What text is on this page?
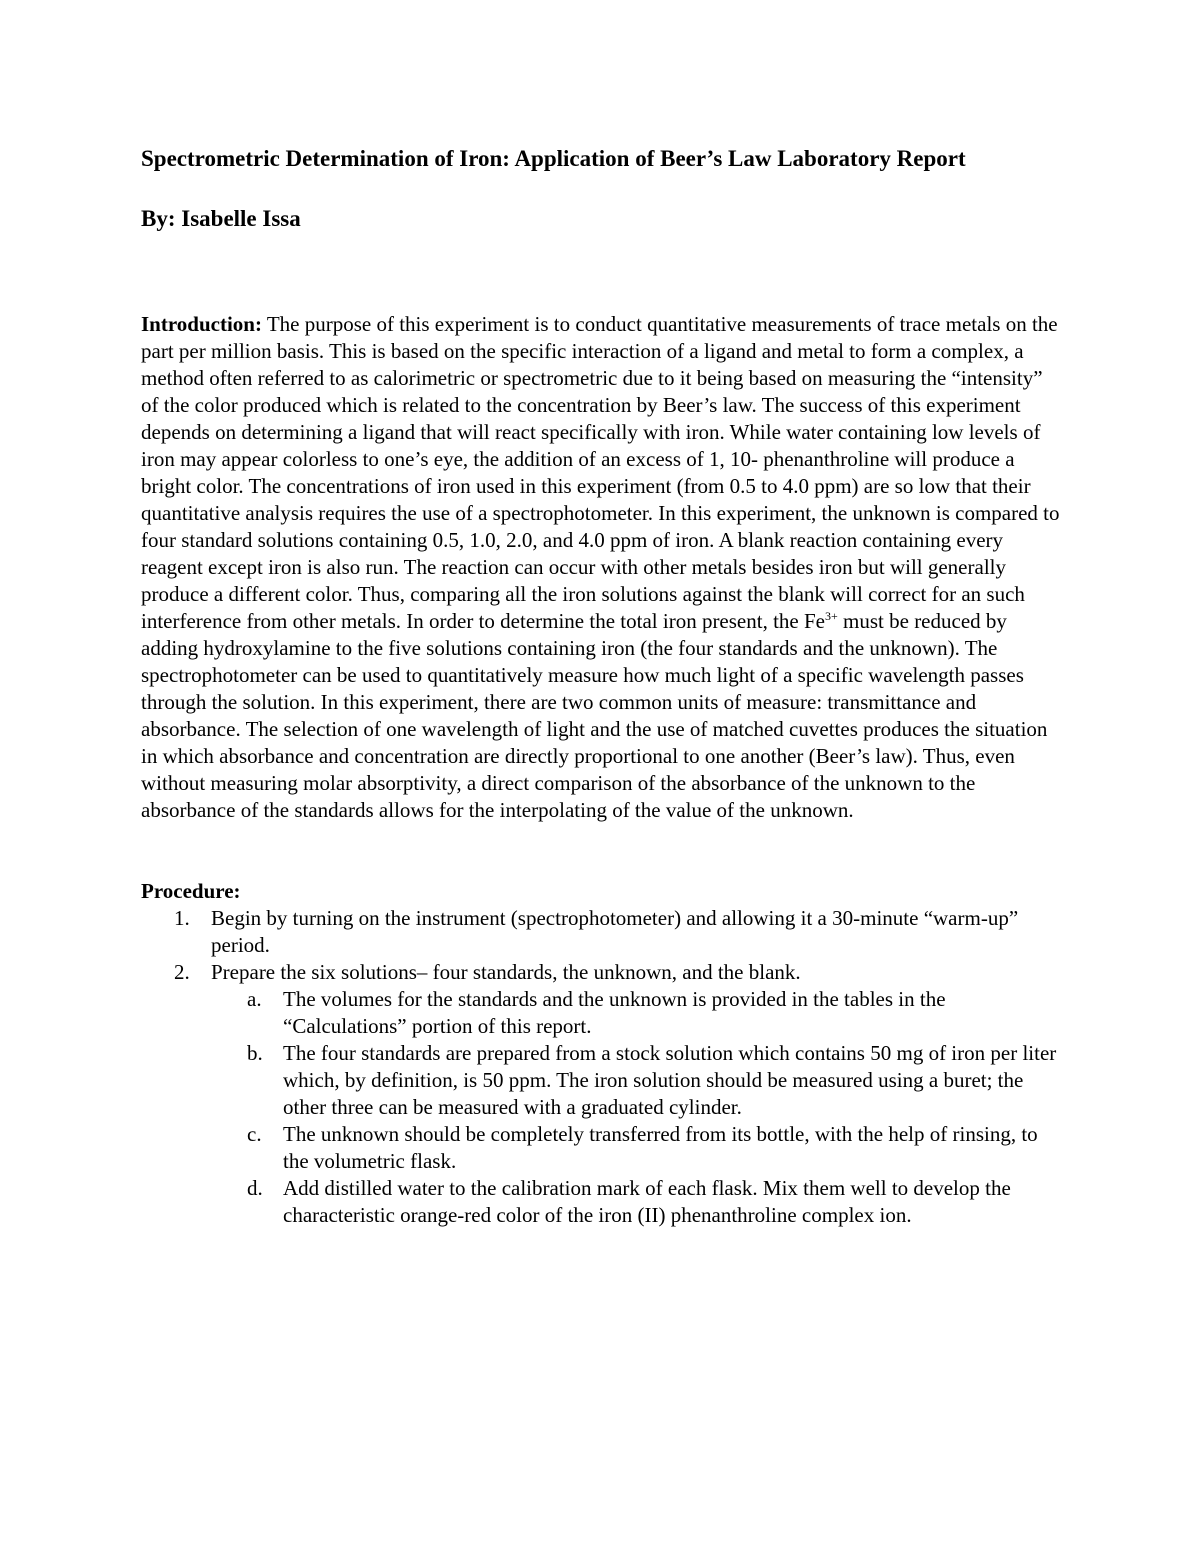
Spectrometric Determination of Iron: Application of Beer’s Law Laboratory Report

By: Isabelle Issa

Introduction: The purpose of this experiment is to conduct quantitative measurements of trace metals on the part per million basis. This is based on the specific interaction of a ligand and metal to form a complex, a method often referred to as calorimetric or spectrometric due to it being based on measuring the “intensity” of the color produced which is related to the concentration by Beer’s law. The success of this experiment depends on determining a ligand that will react specifically with iron. While water containing low levels of iron may appear colorless to one’s eye, the addition of an excess of 1, 10- phenanthroline will produce a bright color. The concentrations of iron used in this experiment (from 0.5 to 4.0 ppm) are so low that their quantitative analysis requires the use of a spectrophotometer. In this experiment, the unknown is compared to four standard solutions containing 0.5, 1.0, 2.0, and 4.0 ppm of iron. A blank reaction containing every reagent except iron is also run. The reaction can occur with other metals besides iron but will generally produce a different color. Thus, comparing all the iron solutions against the blank will correct for an such interference from other metals. In order to determine the total iron present, the $Fe^{3+}$ must be reduced by adding hydroxylamine to the five solutions containing iron (the four standards and the unknown). The spectrophotometer can be used to quantitatively measure how much light of a specific wavelength passes through the solution. In this experiment, there are two common units of measure: transmittance and absorbance. The selection of one wavelength of light and the use of matched cuvettes produces the situation in which absorbance and concentration are directly proportional to one another (Beer’s law). Thus, even without measuring molar absorptivity, a direct comparison of the absorbance of the unknown to the absorbance of the standards allows for the interpolating of the value of the unknown.

Procedure:

1. Begin by turning on the instrument (spectrophotometer) and allowing it a 30-minute “warm-up” period.
2. Prepare the six solutions– four standards, the unknown, and the blank.
a. The volumes for the standards and the unknown is provided in the tables in the “Calculations” portion of this report.
b. The four standards are prepared from a stock solution which contains 50 mg of iron per liter which, by definition, is 50 ppm. The iron solution should be measured using a buret; the other three can be measured with a graduated cylinder.
c. The unknown should be completely transferred from its bottle, with the help of rinsing, to the volumetric flask.
d. Add distilled water to the calibration mark of each flask. Mix them well to develop the characteristic orange-red color of the iron (II) phenanthroline complex ion.
